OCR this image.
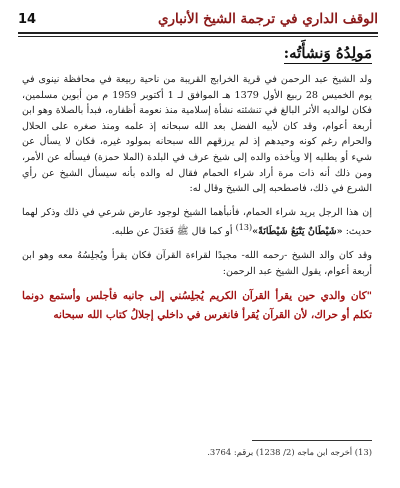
الوقف الداري في ترجمة الشيخ الأنباري
14
مَولِدُهُ وَنشأَتُه:

ولد الشيخ عبد الرحمن في قرية الخرابج القريبة من ناحية ربيعة في محافظة نينوى في يوم الخميس 28 ربيع الأول 1379 هـ الموافق لـ 1 أكتوبر 1959 م من أبوين مسلمين، فكان لوالديه الأثر البالغ في تنشئته نشأة إسلامية منذ نعومة أظفاره، فبدأ بالصلاة وهو ابن أربعة أعوام، وقد كان لأبيه الفضل بعد الله سبحانه إذ علمه ومنذ صغره على الحلال والحرام رغم كونه وحيدهم إذ لم يرزقهم الله سبحانه بمولود غيره، فكان لا يسأل عن شيء أو يطلبه إلا ويأخذه والده إلى شيخ عرف في البلدة (الملا حمزة) فيسأله عن الأمر، ومن ذلك أنه ذات مرة أراد شراء الحمام فقال له والده بأنه سيسأل الشيخ عن رأي الشرع في ذلك، فاصطحبه إلى الشيخ وقال له:

إن هذا الرجل يريد شراء الحمام، فأنبأهما الشيخ لوجود عارض شرعي في ذلك وذكر لهما حديث: «شَيْطَانٌ يَتْبَعُ شَيْطَانَةً»$^{(13)}$ أو كما قال ﷺ فَعَدَلَ عن طلبه.

وقد كان والد الشيخ -رحمه الله- مجيدًا لقراءة القرآن فكان يقرأ ويُجلِسُهُ معه وهو ابن أربعة أعوام، يقول الشيخ عبد الرحمن:

"كان والدي حين يقرأ القرآن الكريم يُجلِسُني إلى جانبه فأجلس وأستمع دونما تكلم أو حراك، لأن القرآن يُقرأ فانغرس في داخلي إجلالُ كتاب الله سبحانه

(13) أخرجه ابن ماجه (2/ 1238) برقم: 3764.
